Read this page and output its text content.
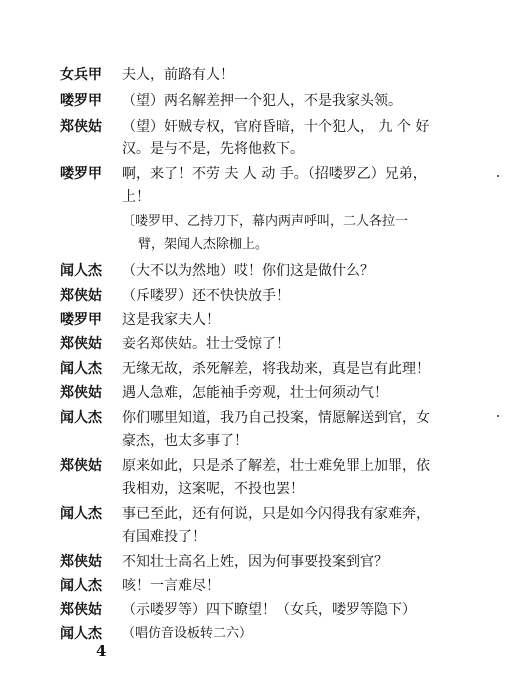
女兵甲	夫人，前路有人！
喽罗甲	（望）两名解差押一个犯人，不是我家头领。
郑侠姑	（望）奸贼专权，官府昏暗，十个犯人， 九 个 好
汉。是与不是，先将他救下。
喽罗甲	啊，来了！不劳 夫 人 动 手。（招喽罗乙）兄弟，
上！
〔喽罗甲、乙持刀下，幕内两声呼叫，二人各拉一
臂，架闻人杰除枷上。
闻人杰	（大不以为然地）哎！你们这是做什么？
郑侠姑	（斥喽罗）还不快快放手！
喽罗甲	这是我家夫人！
郑侠姑	妾名郑侠姑。壮士受惊了！
闻人杰	无缘无故，杀死解差，将我劫来，真是岂有此理！
郑侠姑	遇人急难，怎能袖手旁观，壮士何须动气！
闻人杰	你们哪里知道，我乃自己投案，情愿解送到官，女
豪杰，也太多事了！
郑侠姑	原来如此，只是杀了解差，壮士难免罪上加罪，依
我相劝，这案呢，不投也罢！
闻人杰	事已至此，还有何说，只是如今闪得我有家难奔，
有国难投了！
郑侠姑	不知壮士高名上姓，因为何事要投案到官？
闻人杰	咳！一言难尽！
郑侠姑	（示喽罗等）四下瞭望！（女兵，喽罗等隐下）
闻人杰	（唱仿音设板转二六）
4
